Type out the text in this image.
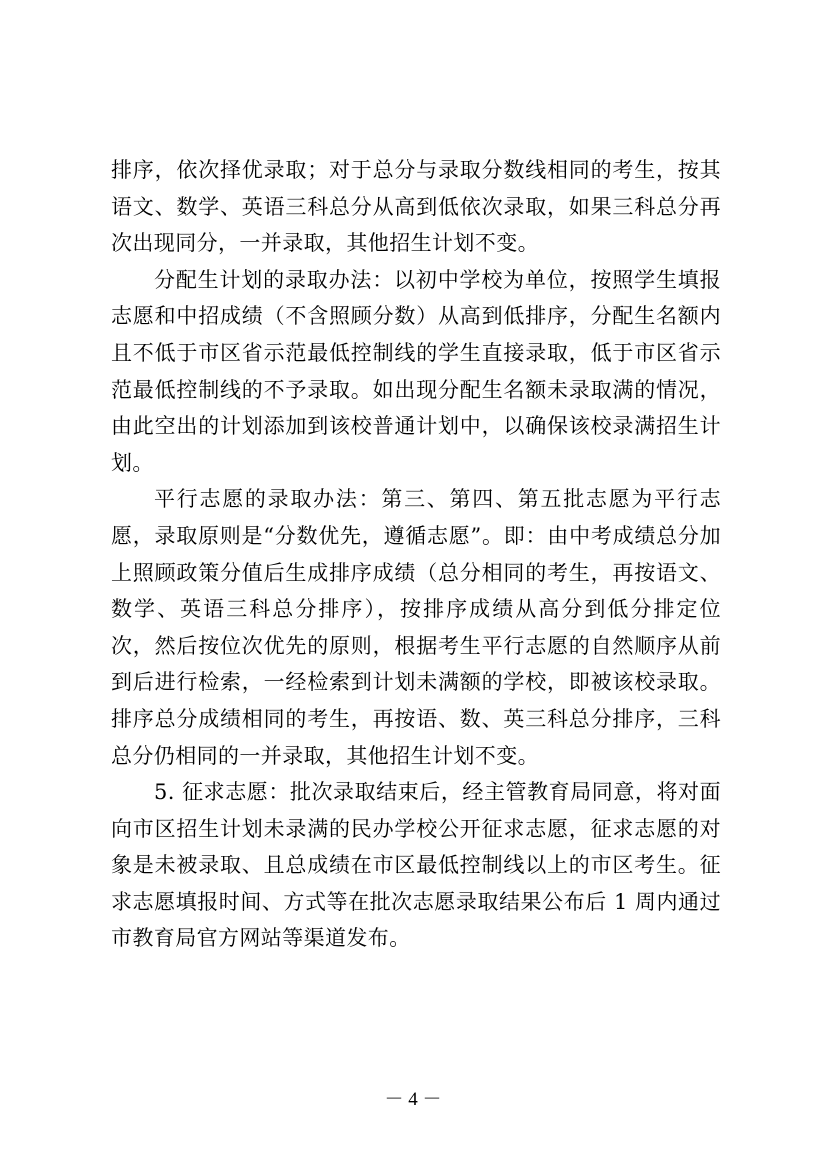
排序，依次择优录取；对于总分与录取分数线相同的考生，按其语文、数学、英语三科总分从高到低依次录取，如果三科总分再次出现同分，一并录取，其他招生计划不变。

分配生计划的录取办法：以初中学校为单位，按照学生填报志愿和中招成绩（不含照顾分数）从高到低排序，分配生名额内且不低于市区省示范最低控制线的学生直接录取，低于市区省示范最低控制线的不予录取。如出现分配生名额未录取满的情况，由此空出的计划添加到该校普通计划中，以确保该校录满招生计划。

平行志愿的录取办法：第三、第四、第五批志愿为平行志愿，录取原则是“分数优先，遵循志愿”。即：由中考成绩总分加上照顾政策分值后生成排序成绩（总分相同的考生，再按语文、数学、英语三科总分排序），按排序成绩从高分到低分排定位次，然后按位次优先的原则，根据考生平行志愿的自然顺序从前到后进行检索，一经检索到计划未满额的学校，即被该校录取。排序总分成绩相同的考生，再按语、数、英三科总分排序，三科总分仍相同的一并录取，其他招生计划不变。

5. 征求志愿：批次录取结束后，经主管教育局同意，将对面向市区招生计划未录满的民办学校公开征求志愿，征求志愿的对象是未被录取、且总成绩在市区最低控制线以上的市区考生。征求志愿填报时间、方式等在批次志愿录取结果公布后 1 周内通过市教育局官方网站等渠道发布。

－ 4 －
